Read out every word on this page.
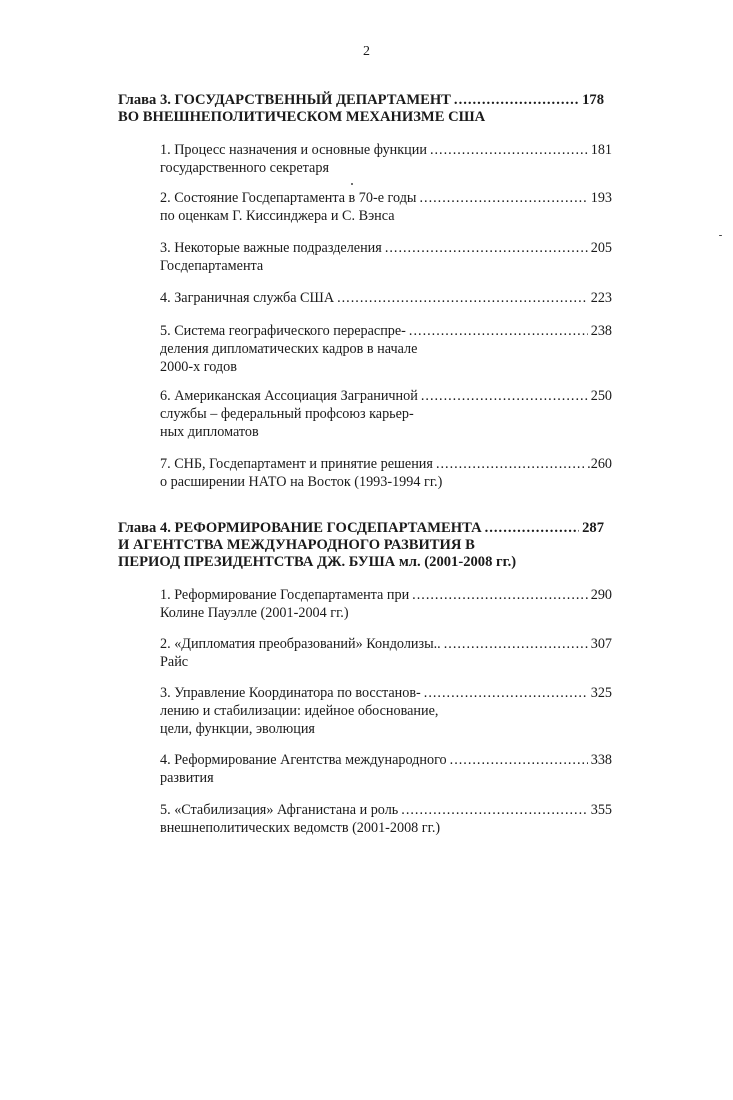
2
Глава 3. ГОСУДАРСТВЕННЫЙ ДЕПАРТАМЕНТ .....	178
ВО ВНЕШНЕПОЛИТИЧЕСКОМ МЕХАНИЗМЕ США
1. Процесс назначения и основные функции .....	181
государственного секретаря
2. Состояние Госдепартамента в 70-е годы .....	193
по оценкам Г. Киссинджера и С. Вэнса
3. Некоторые важные подразделения .....	205
Госдепартамента
4. Заграничная служба США .....	223
5. Система географического перераспре- .....	238
деления дипломатических кадров в начале
2000-х годов
6. Американская Ассоциация Заграничной .....	250
службы – федеральный профсоюз карьер-
ных дипломатов
7. СНБ, Госдепартамент и принятие решения .....	.260
о расширении НАТО на Восток (1993-1994 гг.)
Глава 4. РЕФОРМИРОВАНИЕ ГОСДЕПАРТАМЕНТА .....	287
И АГЕНТСТВА МЕЖДУНАРОДНОГО РАЗВИТИЯ В
ПЕРИОД ПРЕЗИДЕНТСТВА ДЖ. БУША мл. (2001-2008 гг.)
1. Реформирование Госдепартамента при .....	290
Колине Пауэлле (2001-2004 гг.)
2. «Дипломатия преобразований» Кондолизы.. .....	307
Райс
3. Управление Координатора по восстанов- .....	325
лению и стабилизации: идейное обоснование,
цели, функции, эволюция
4. Реформирование Агентства международного .....	338
развития
5. «Стабилизация» Афганистана и роль .....	355
внешнеполитических ведомств (2001-2008 гг.)
